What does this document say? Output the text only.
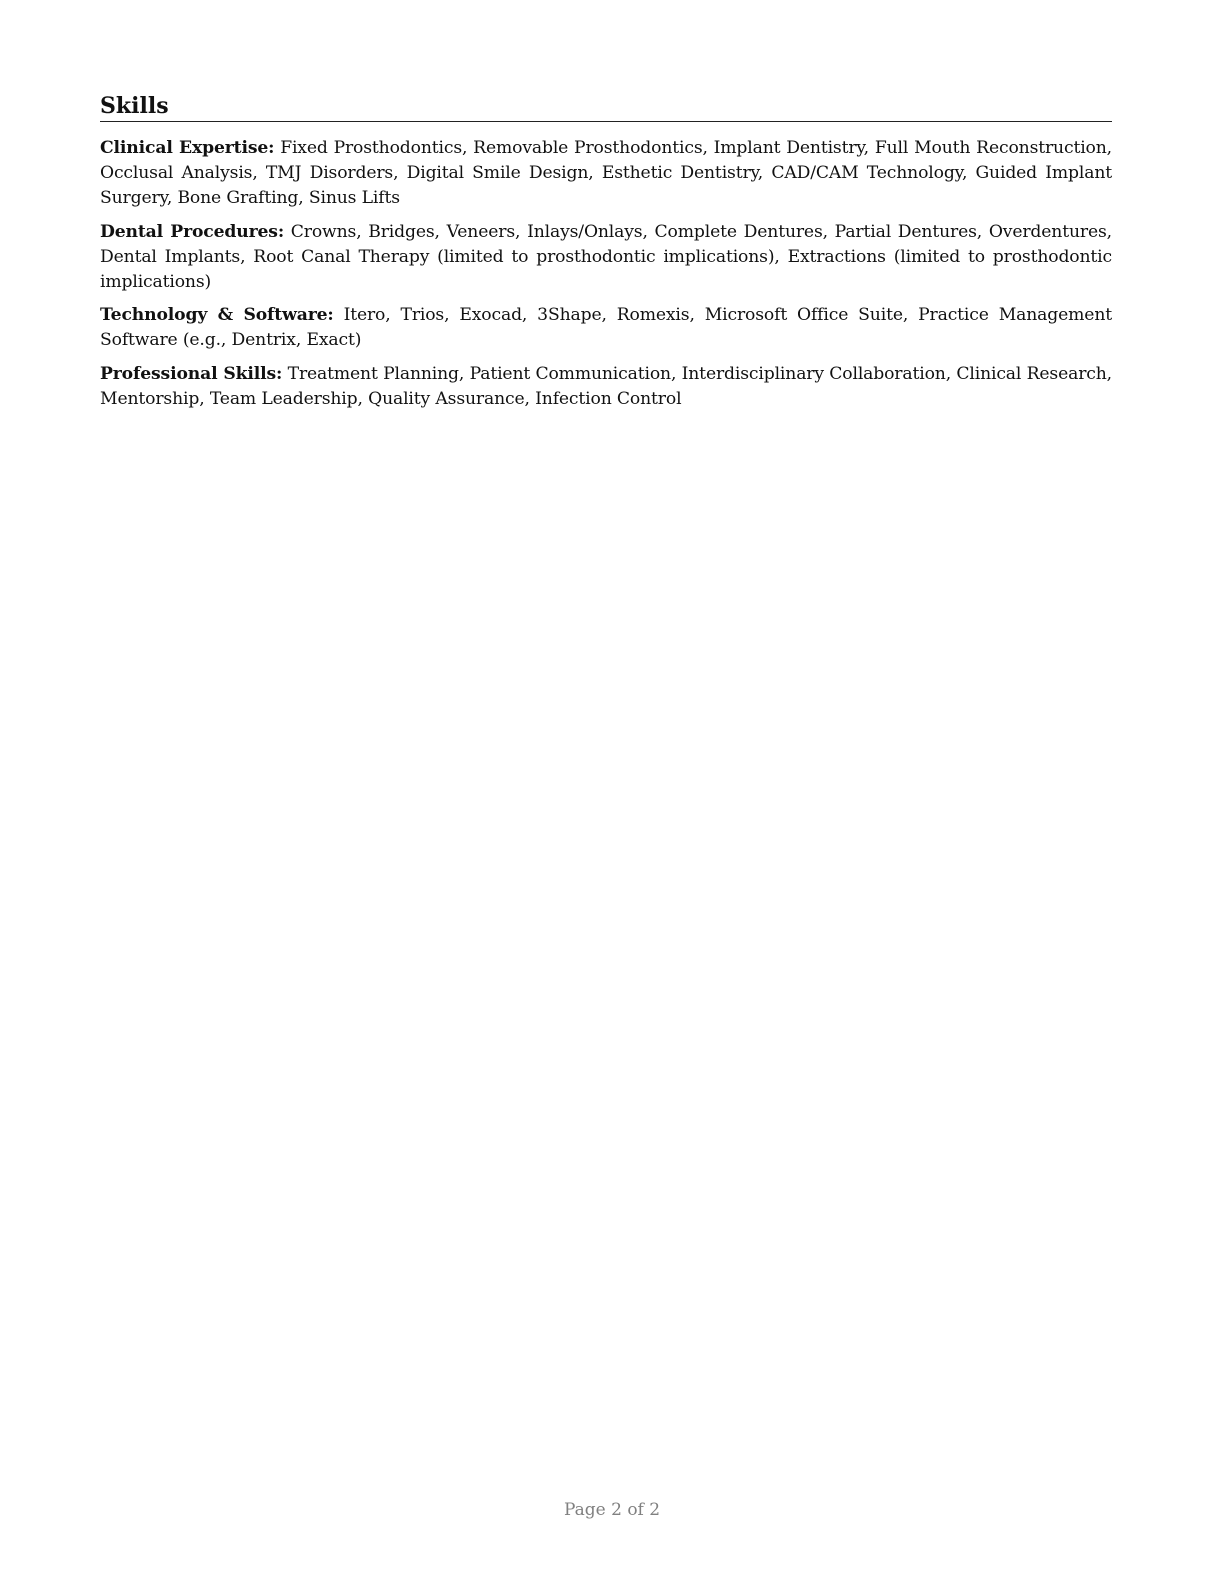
Skills

Clinical Expertise: Fixed Prosthodontics, Removable Prosthodontics, Implant Dentistry, Full Mouth Reconstruction, Occlusal Analysis, TMJ Disorders, Digital Smile Design, Esthetic Dentistry, CAD/CAM Technology, Guided Implant Surgery, Bone Grafting, Sinus Lifts

Dental Procedures: Crowns, Bridges, Veneers, Inlays/Onlays, Complete Dentures, Partial Dentures, Overdentures, Dental Implants, Root Canal Therapy (limited to prosthodontic implications), Extractions (limited to prosthodontic implications)

Technology & Software: Itero, Trios, Exocad, 3Shape, Romexis, Microsoft Office Suite, Practice Management Software (e.g., Dentrix, Exact)

Professional Skills: Treatment Planning, Patient Communication, Interdisciplinary Collaboration, Clinical Research, Mentorship, Team Leadership, Quality Assurance, Infection Control

Page 2 of 2
